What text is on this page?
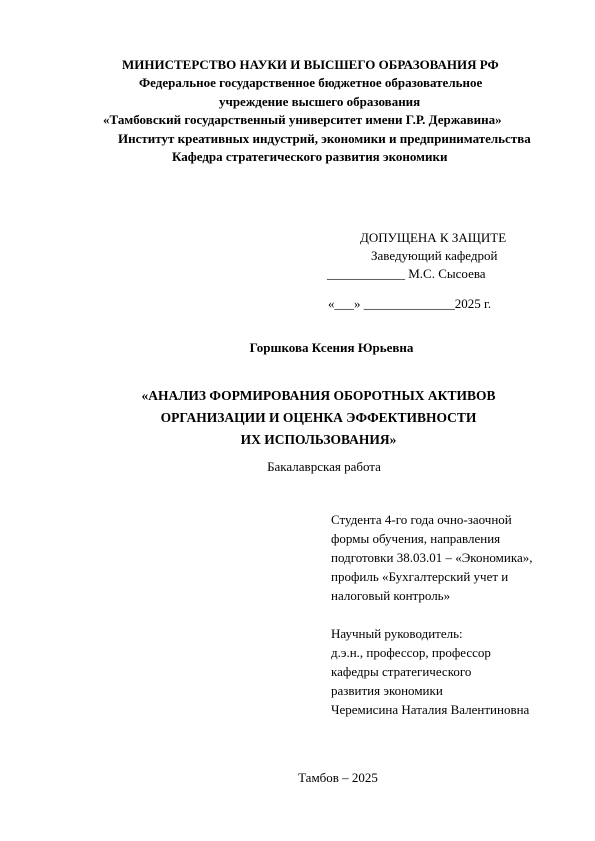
МИНИСТЕРСТВО НАУКИ И ВЫСШЕГО ОБРАЗОВАНИЯ РФ
Федеральное государственное бюджетное образовательное
учреждение высшего образования
«Тамбовский государственный университет имени Г.Р. Державина»
Институт креативных индустрий, экономики и предпринимательства
Кафедра стратегического развития экономики
ДОПУЩЕНА К ЗАЩИТЕ
Заведующий кафедрой
____________ М.С. Сысоева
«___» ______________2025 г.
Горшкова Ксения Юрьевна
«АНАЛИЗ ФОРМИРОВАНИЯ ОБОРОТНЫХ АКТИВОВ
ОРГАНИЗАЦИИ И ОЦЕНКА ЭФФЕКТИВНОСТИ
ИХ ИСПОЛЬЗОВАНИЯ»
Бакалаврская работа
Студента 4-го года очно-заочной
формы обучения, направления
подготовки 38.03.01 – «Экономика»,
профиль «Бухгалтерский учет и
налоговый контроль»
Научный руководитель:
д.э.н., профессор, профессор
кафедры стратегического
развития экономики
Черемисина Наталия Валентиновна
Тамбов – 2025
